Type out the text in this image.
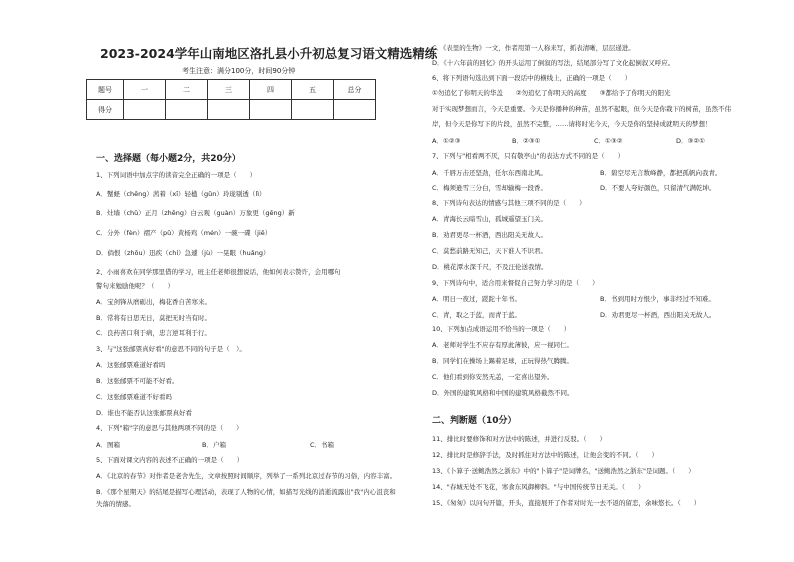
2023-2024学年山南地区洛扎县小升初总复习语文精选精练
考生注意：满分100分，时间90分钟
题号	一	二	三	四	五	总分
得分						
一、选择题（每小题2分，共20分）
1、下列词语中加点字的读音完全正确的一项是（　　）
A．蟹蛏（chēng）茜着（xī）轻楹（gǔn）玲珑剔透（lì）
B．灶墙（chǔ）正月（zhēng）白云观（guàn）万象更（gēng）新
C．分外（fèn）褶产（pǔ）黄杨鸡（mén）一碗一碟（jiē）
D．倘恨（zhōu）迅疾（chí）急遽（jù）一晃眼（huǎng）
2、小雨喜欢在同学那里借的学习，班主任老师很想说话，他如何表示赞许，会用哪句
警句来勉励他呢？（　　）
A．宝剑锋从磨砺出，梅花香自苦寒来。
B．常将有日思无日，莫把无时当有时。
C．良药苦口利于病，忠言逆耳利于行。
3、与"这张邮票真好看"的意思不同的句子是（　）。
A．这张邮票难道好看吗
B．这张邮票不可能不好看。
C．这张邮票难道不好看吗
D．谁也不能否认这张邮票真好看
4、下列"箱"字的意思与其他两项不同的是（　　）
A．图箱	B．户箱	C．书箱
5、下面对课文内容的表述不正确的一项是（　　）
A．《北京的春节》对作者是老舍先生，文章按照时间顺序，列举了一系列北京过春节的习俗，内容丰富。
B．《那个星期天》的结尾是描写心理活动，表现了人物的心情，如描写光线的消逝流露出"我"内心沮丧和
失落的情感。
C．《表里的生物》一文，作者用第一人称来写，抓表清晰，层层递进。
D．《十六年前的回忆》的开头运用了倒叙的写法，结尾部分写了文化起倒叙又呼应。
6、将下列语句选出到下面一段话中的横线上，正确的一项是（　　）
①勿追忆了你明天的华盖　　②勿追忆了你明天的高度　　③都给予了你明天的阳光
对于实现梦想而言，今天是重要。今天是你播种的种苗，虽然不起眼，但今天是你栽下的树苗，虽然不伟
岸，但今天是你写下的片段，虽然不完整，……请将时光今天，今天是你的坚持成就明天的梦想！
A．①②③	B．②③①	C．①③②	D．③②①
7、下列与"相看两不厌，只有敬亭山"的表达方式不同的是（　　）
A．千唇万击还坚劲，任尔东西南北风。	B．碧空尽无言数峰静，都把孤帆向我青。
C．梅须逊雪三分白，雪却输梅一段香。	D．不要人夸好颜色，只留清气满乾坤。
8、下列诗句表达的情感与其他三项不同的是（　　）
A．青海长云暗雪山，孤城遥望玉门关。
B．劝君更尽一杯酒，西出阳关无故人。
C．莫愁前路无知己，天下谁人不识君。
D．桃花潭水深千尺，不及汪伦送我情。
9、下列诗句中，适合用来督促自己努力学习的是（　　）
A．明日一夜过，蹉跎十年书。	B．书到用时方恨少，事非经过不知难。
C．青，取之于蓝，而青于蓝。	D．劝君更尽一杯酒，西出阳关无故人。
10、下列加点成语运用不恰当的一项是（　　）
A．老师对学生不应存有厚此薄彼，应一视同仁。
B．同学们在操场上踢着足球，正玩得热气腾腾。
C．他们看到你安然无恙，一定喜出望外。
D．外国的建筑风格和中国的建筑风格截然不同。
二、判断题（10分）
11、排比时要修饰和对方法中的陈述，并进行反驳。（　　）
12、排比时是修辞手法，及时抓住对方法中的陈述，让他会变的不同。（　　）
13、《卜算子·送鲍浩然之浙东》中的"卜算子"是词牌名，"送鲍浩然之浙东"是词题。（　　）
14、"春城无处不飞花，寒食东风御柳斜。"与中国传统节日无关。（　　）
15、《匆匆》以问句开篇，开头，直接展开了作者对时光一去不返的留恋，余味悠长。（　　）
